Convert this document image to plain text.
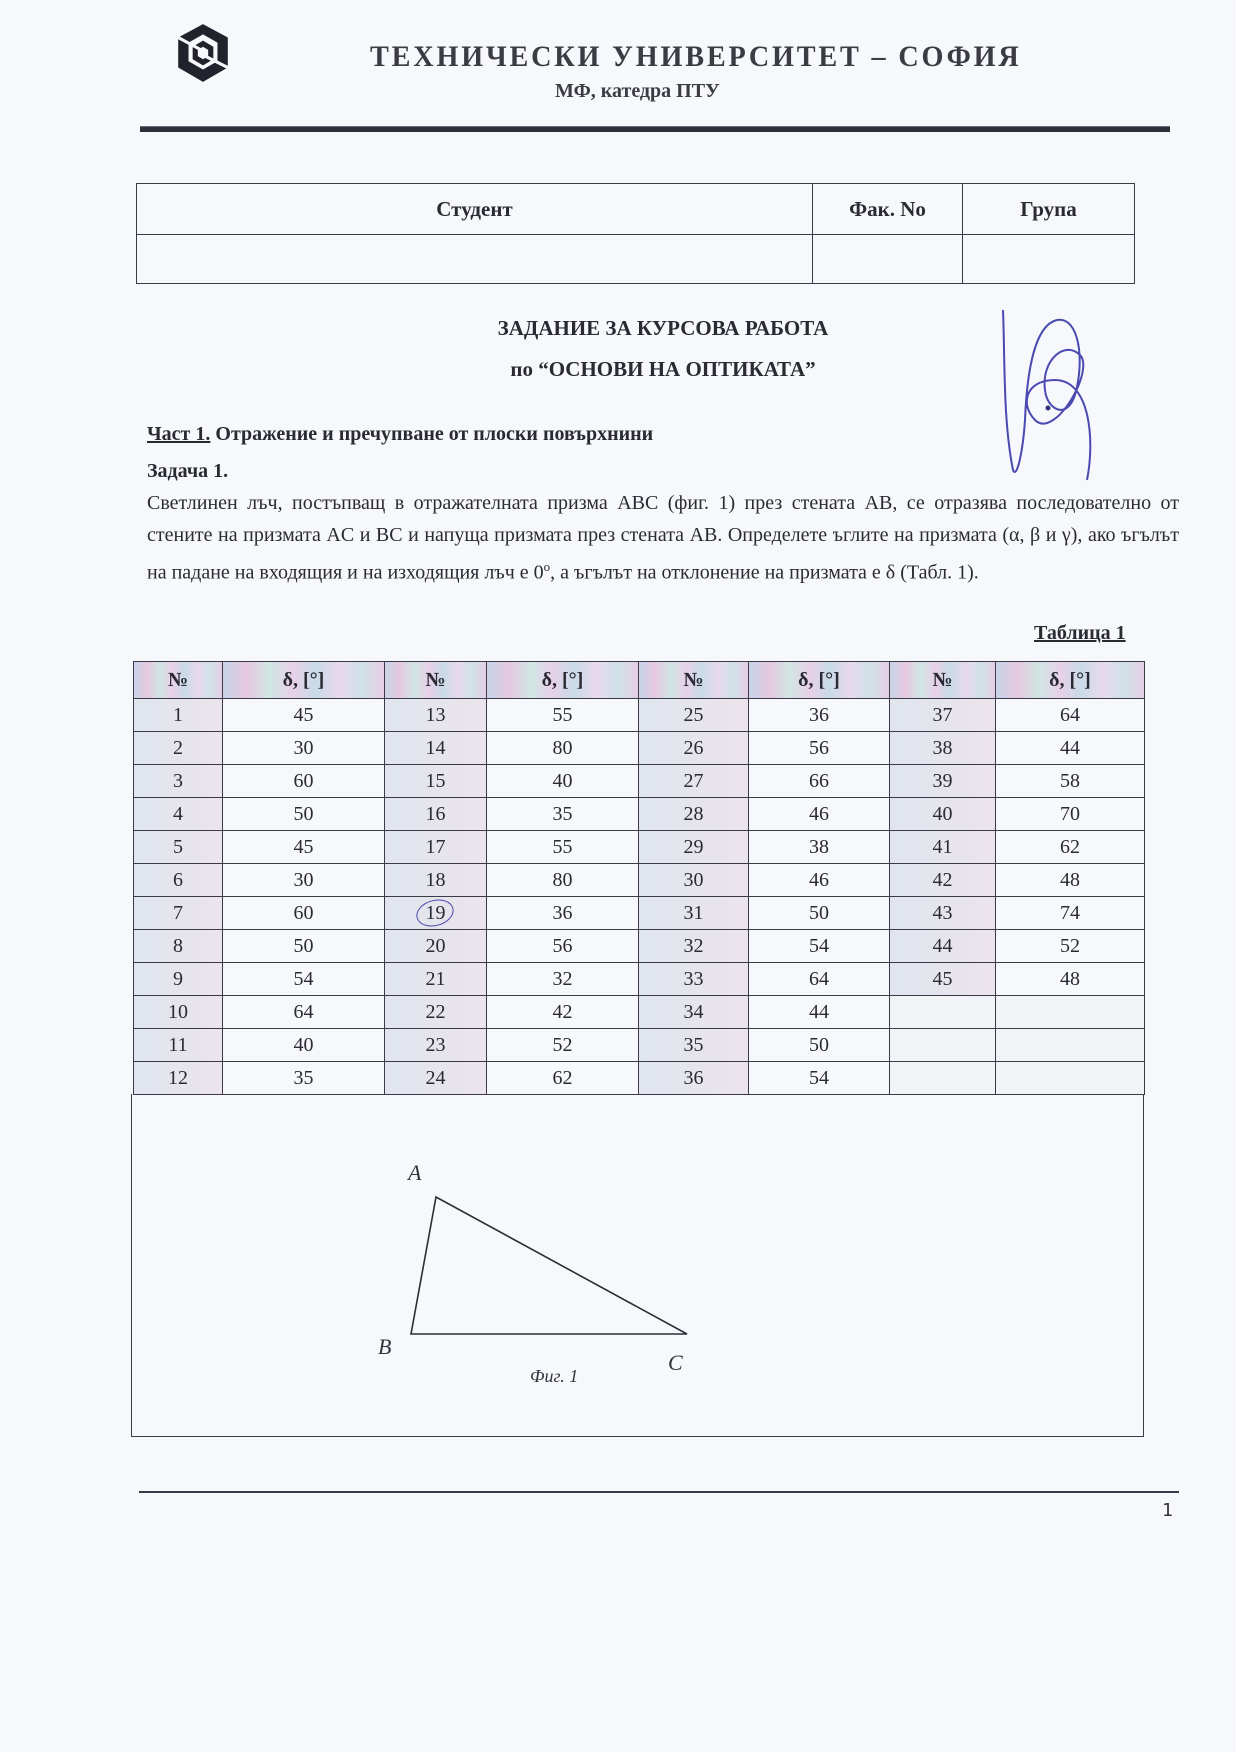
ТЕХНИЧЕСКИ УНИВЕРСИТЕТ – СОФИЯ
МФ, катедра ПТУ
Студент	Фак. No	Група

ЗАДАНИЕ ЗА КУРСОВА РАБОТА
по “ОСНОВИ НА ОПТИКАТА”
Част 1. Отражение и пречупване от плоски повърхнини
Задача 1.
Светлинен лъч, постъпващ в отражателната призма ABC (фиг. 1) през стената AB, се отразява последователно от стените на призмата AC и BC и напуща призмата през стената AB. Определете ъглите на призмата (α, β и γ), ако ъгълът на падане на входящия и на изходящия лъч е 0$^o$, а ъгълът на отклонение на призмата е δ (Табл. 1).
Таблица 1
№	δ, [°]	№	δ, [°]	№	δ, [°]	№	δ, [°]
1	45	13	55	25	36	37	64
2	30	14	80	26	56	38	44
3	60	15	40	27	66	39	58
4	50	16	35	28	46	40	70
5	45	17	55	29	38	41	62
6	30	18	80	30	46	42	48
7	60	19	36	31	50	43	74
8	50	20	56	32	54	44	52
9	54	21	32	33	64	45	48
10	64	22	42	34	44		
11	40	23	52	35	50		
12	35	24	62	36	54		
A
B
C
Фиг. 1
1
